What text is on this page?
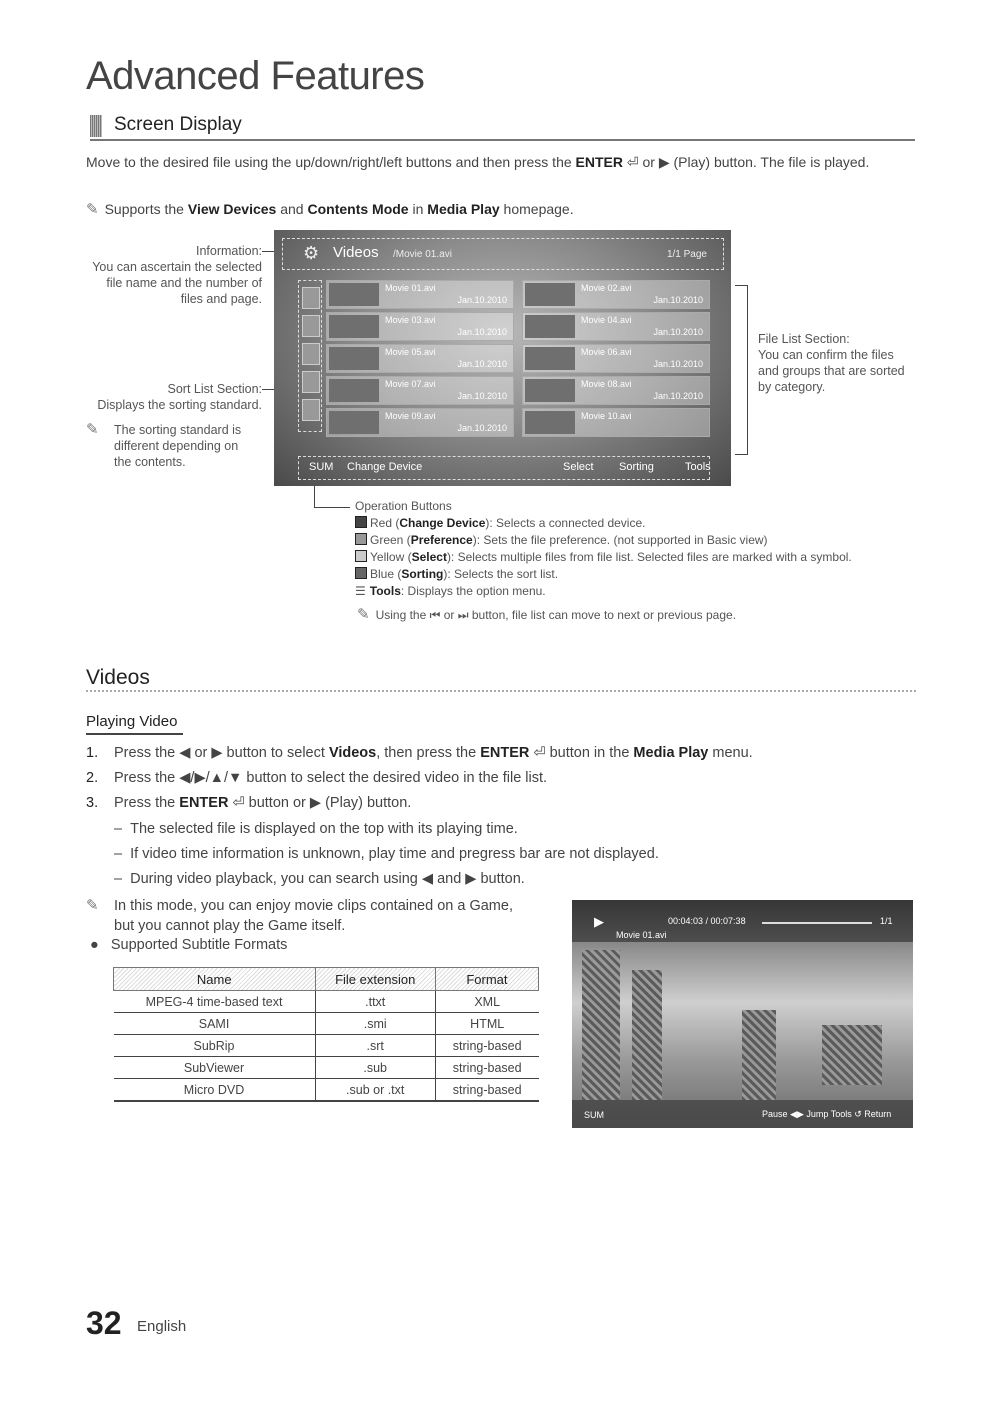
Advanced Features
Screen Display
Move to the desired file using the up/down/right/left buttons and then press the ENTER ⏎ or ▶ (Play) button. The file is played.
✎ Supports the View Devices and Contents Mode in Media Play homepage.
Information:
You can ascertain the selected file name and the number of files and page.
Sort List Section:
Displays the sorting standard.
✎	The sorting standard is different depending on the contents.
⚙ Videos /Movie 01.avi	1/1 Page
Movie 01.avi
Jan.10.2010
Movie 02.avi
Jan.10.2010
Movie 03.avi
Jan.10.2010
Movie 04.avi
Jan.10.2010
Movie 05.avi
Jan.10.2010
Movie 06.avi
Jan.10.2010
Movie 07.avi
Jan.10.2010
Movie 08.avi
Jan.10.2010
Movie 09.avi
Jan.10.2010
Movie 10.avi
SUM Change Device	Select Sorting	Tools
File List Section:
You can confirm the files and groups that are sorted by category.
Operation Buttons
Red (Change Device): Selects a connected device.
Green (Preference): Sets the file preference. (not supported in Basic view)
Yellow (Select): Selects multiple files from file list. Selected files are marked with a symbol.
Blue (Sorting): Selects the sort list.
☰ Tools: Displays the option menu.
✎ Using the ⏮ or ⏭ button, file list can move to next or previous page.
Videos
Playing Video
1. Press the ◀ or ▶ button to select Videos, then press the ENTER ⏎ button in the Media Play menu.
2. Press the ◀/▶/▲/▼ button to select the desired video in the file list.
3. Press the ENTER ⏎ button or ▶ (Play) button.
–  The selected file is displayed on the top with its playing time.
–  If video time information is unknown, play time and pregress bar are not displayed.
–  During video playback, you can search using ◀ and ▶ button.
✎	In this mode, you can enjoy movie clips contained on a Game, but you cannot play the Game itself.
● Supported Subtitle Formats
Name	File extension	Format
MPEG-4 time-based text	.ttxt	XML
SAMI	.smi	HTML
SubRip	.srt	string-based
SubViewer	.sub	string-based
Micro DVD	.sub or .txt	string-based
▶	00:04:03 / 00:07:38	1/1
Movie 01.avi
SUM	Pause ◀▶ Jump Tools ↺ Return
32 English
